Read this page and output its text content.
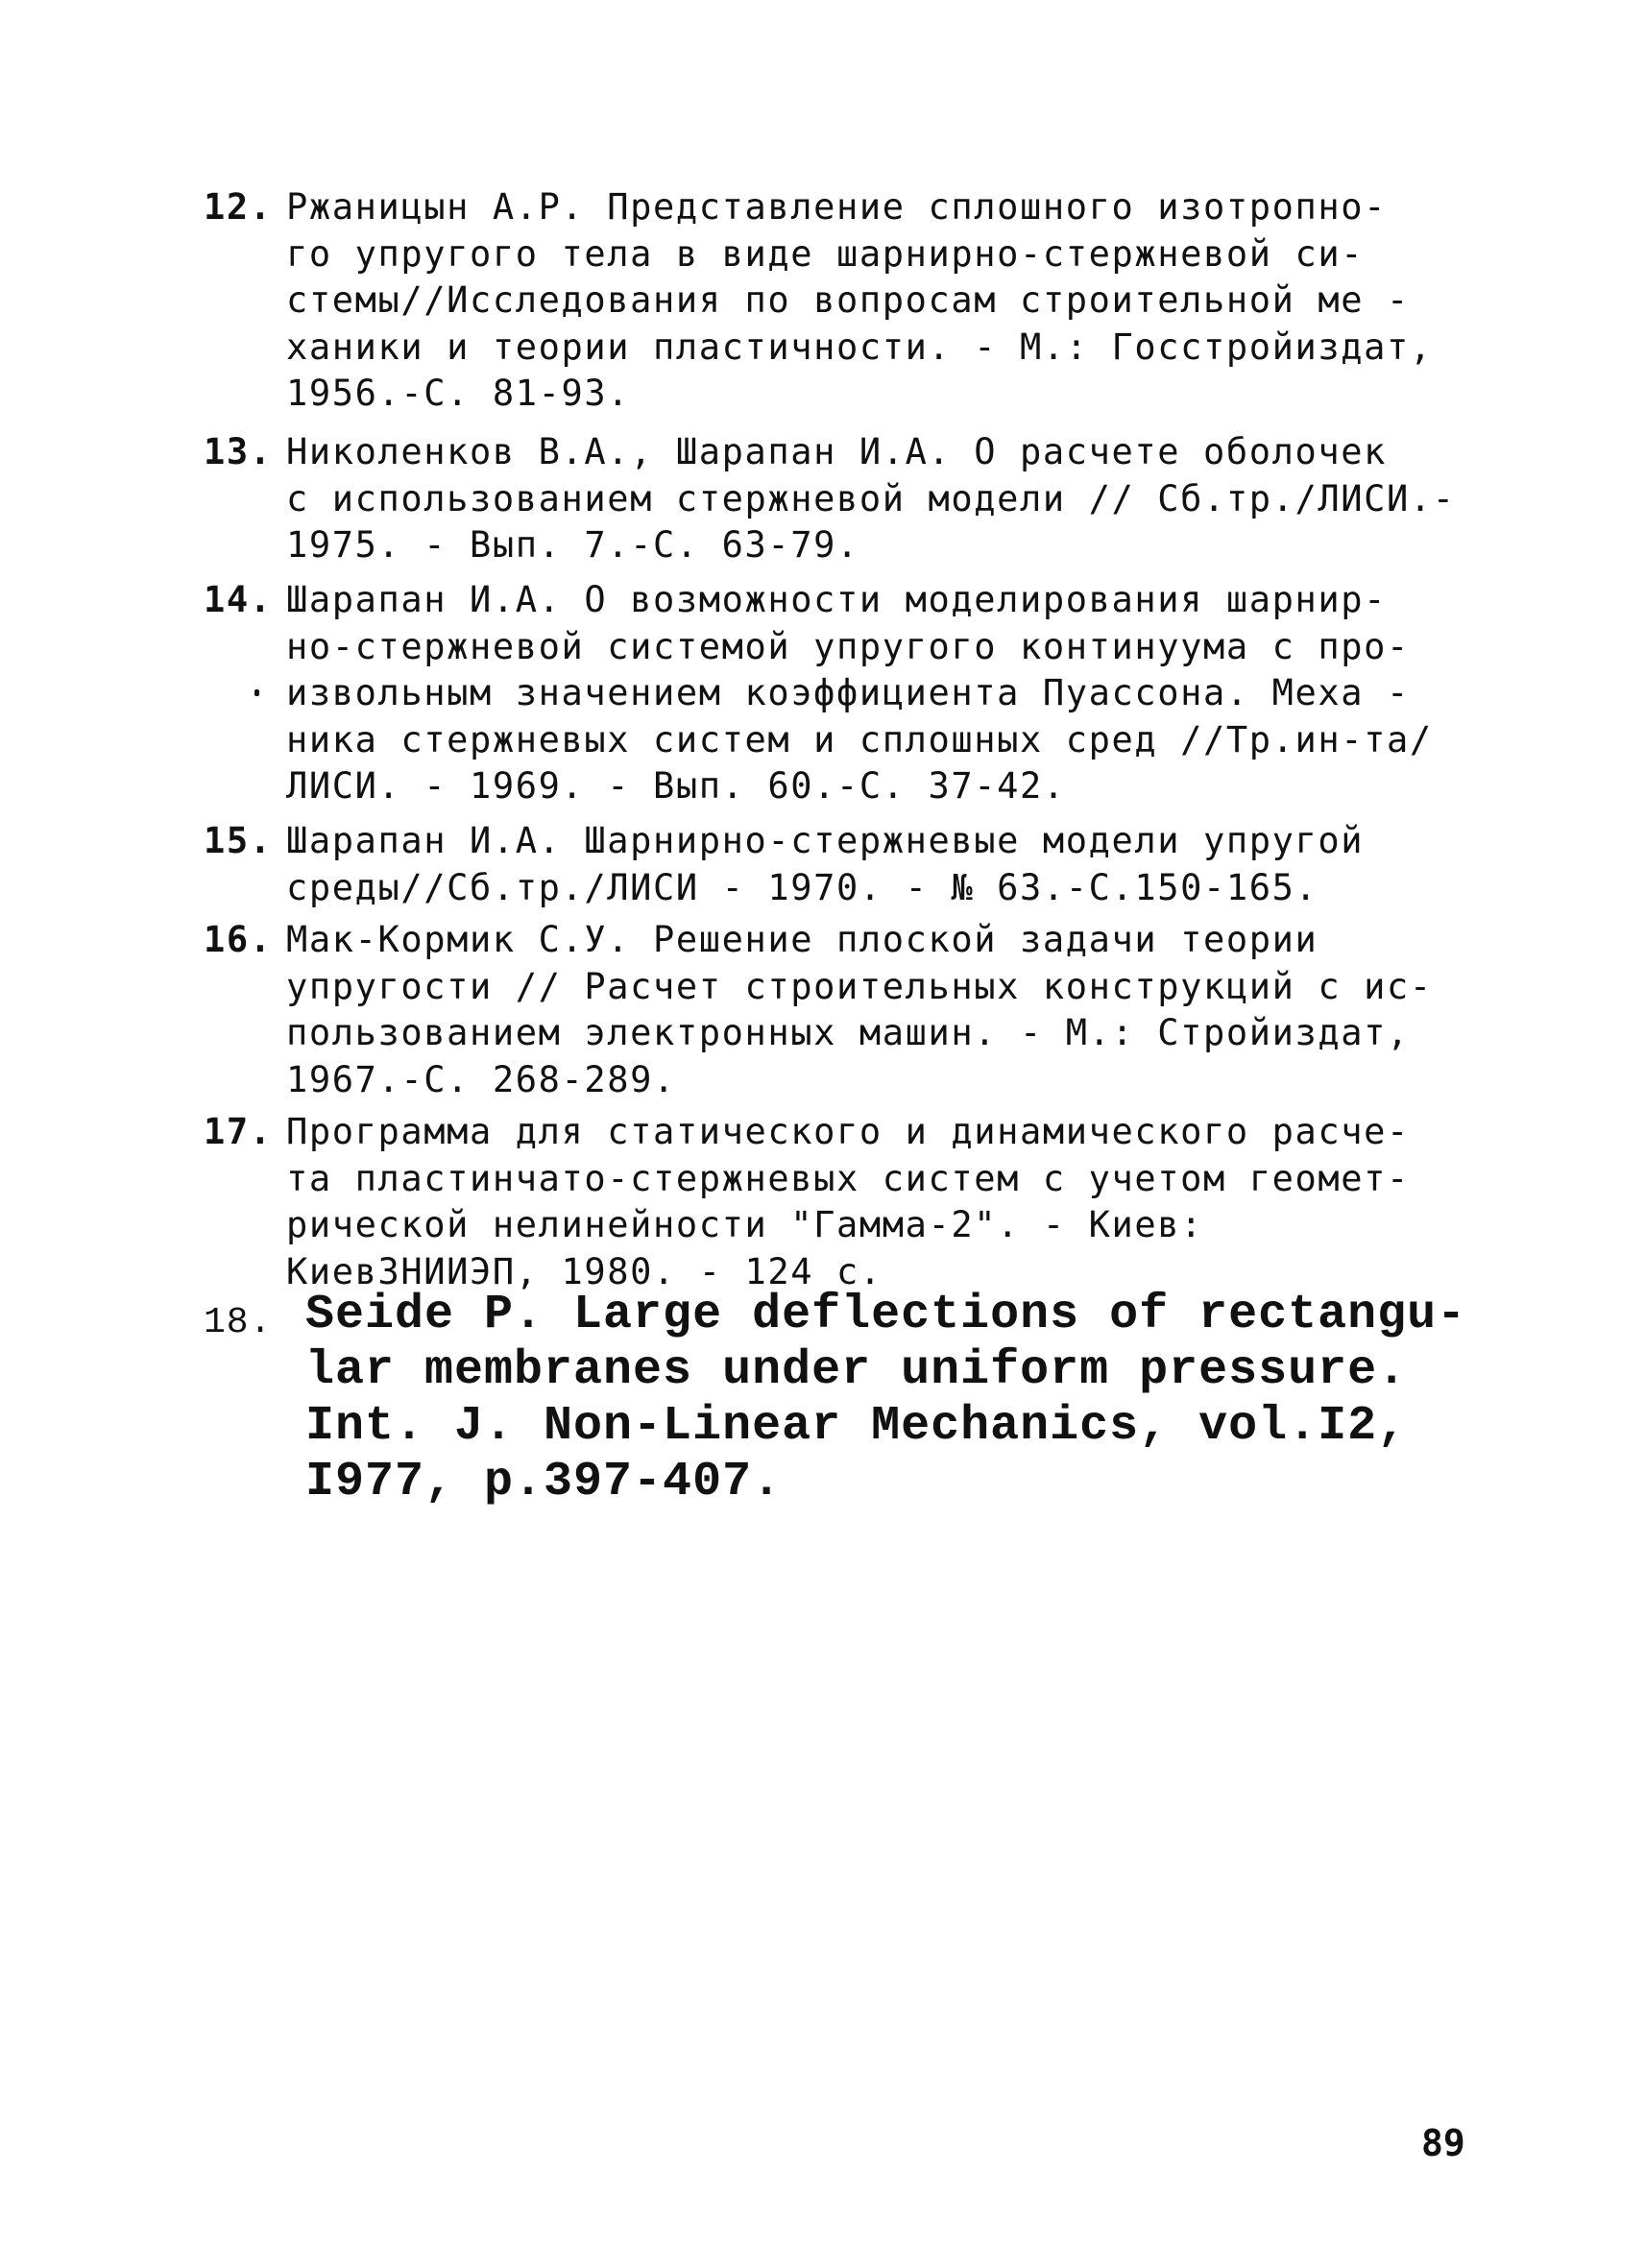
12. Ржаницын А.Р. Представление сплошного изотропно-
го упругого тела в виде шарнирно-стержневой си-
стемы//Исследования по вопросам строительной ме -
ханики и теории пластичности. - М.: Госстройиздат,
1956.-С. 81-93.
13. Николенков В.А., Шарапан И.А. О расчете оболочек
с использованием стержневой модели // Сб.тр./ЛИСИ.-
1975. - Вып. 7.-С. 63-79.
14. Шарапан И.А. О возможности моделирования шарнир-
но-стержневой системой упругого континуума с про-
извольным значением коэффициента Пуассона. Меха -
ника стержневых систем и сплошных сред //Тр.ин-та/
ЛИСИ. - 1969. - Вып. 60.-С. 37-42.
15. Шарапан И.А. Шарнирно-стержневые модели упругой
среды//Сб.тр./ЛИСИ - 1970. - № 63.-С.150-165.
16. Мак-Кормик С.У. Решение плоской задачи теории
упругости // Расчет строительных конструкций с ис-
пользованием электронных машин. - М.: Стройиздат,
1967.-С. 268-289.
17. Программа для статического и динамического расче-
та пластинчато-стержневых систем с учетом геомет-
рической нелинейности "Гамма-2". - Киев:
КиевЗНИИЭП, 1980. - 124 с.
18. Seide P. Large deflections of rectangu-
lar membranes under uniform pressure.
Int. J. Non-Linear Mechanics, vol.I2,
I977, p.397-407.
89
